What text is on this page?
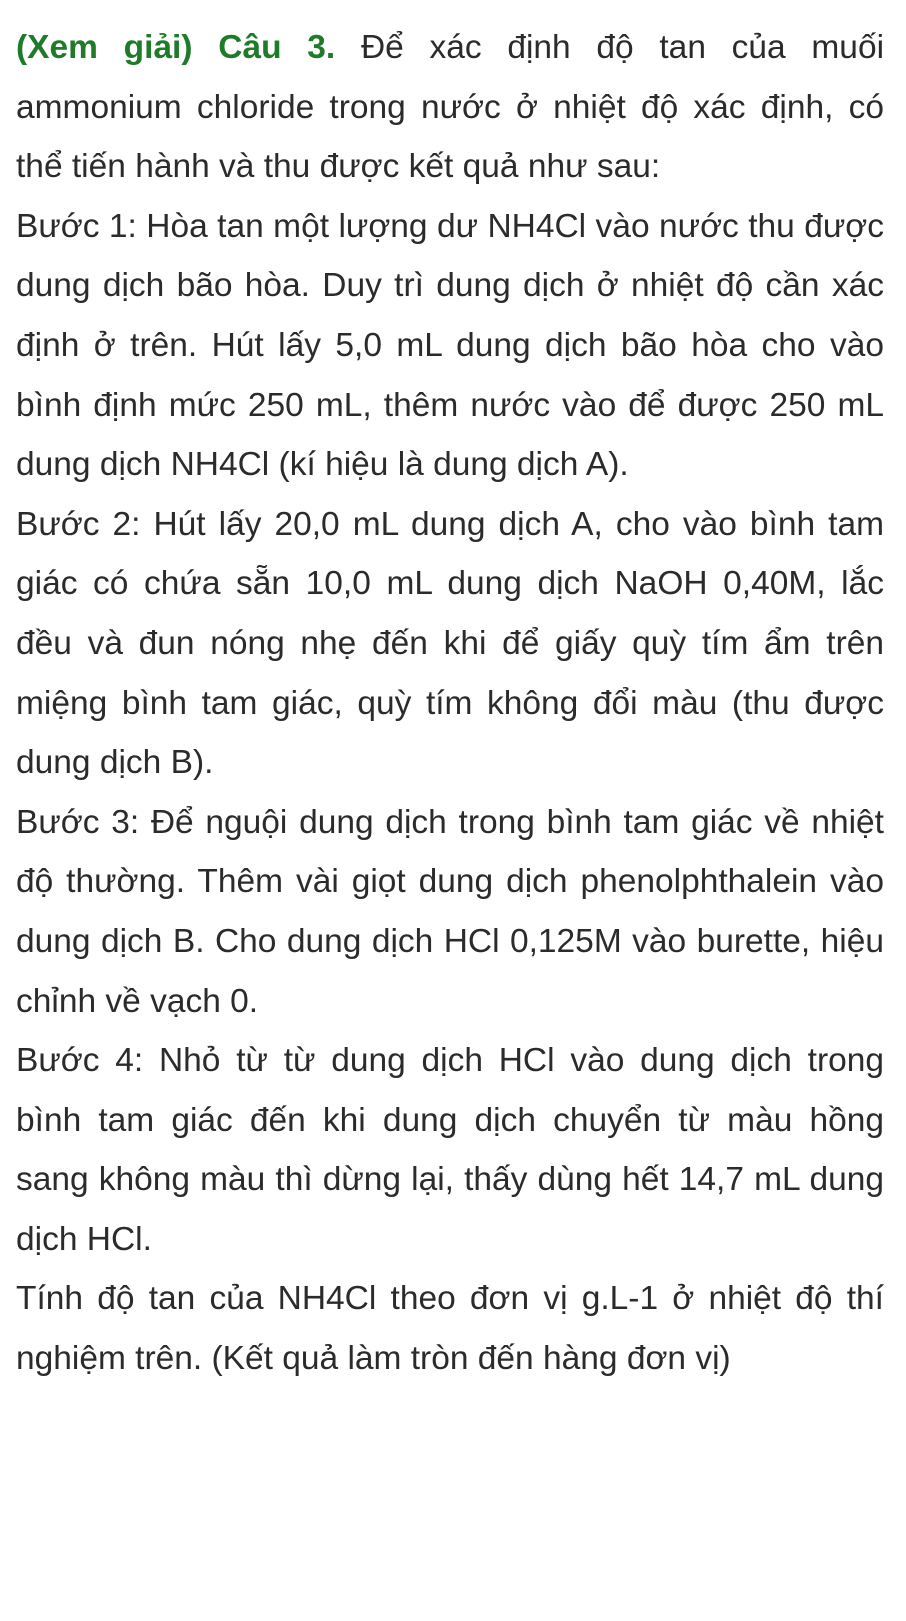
(Xem giải) Câu 3. Để xác định độ tan của muối ammonium chloride trong nước ở nhiệt độ xác định, có thể tiến hành và thu được kết quả như sau:

Bước 1: Hòa tan một lượng dư NH4Cl vào nước thu được dung dịch bão hòa. Duy trì dung dịch ở nhiệt độ cần xác định ở trên. Hút lấy 5,0 mL dung dịch bão hòa cho vào bình định mức 250 mL, thêm nước vào để được 250 mL dung dịch NH4Cl (kí hiệu là dung dịch A).

Bước 2: Hút lấy 20,0 mL dung dịch A, cho vào bình tam giác có chứa sẵn 10,0 mL dung dịch NaOH 0,40M, lắc đều và đun nóng nhẹ đến khi để giấy quỳ tím ẩm trên miệng bình tam giác, quỳ tím không đổi màu (thu được dung dịch B).

Bước 3: Để nguội dung dịch trong bình tam giác về nhiệt độ thường. Thêm vài giọt dung dịch phenolphthalein vào dung dịch B. Cho dung dịch HCl 0,125M vào burette, hiệu chỉnh về vạch 0.

Bước 4: Nhỏ từ từ dung dịch HCl vào dung dịch trong bình tam giác đến khi dung dịch chuyển từ màu hồng sang không màu thì dừng lại, thấy dùng hết 14,7 mL dung dịch HCl.

Tính độ tan của NH4Cl theo đơn vị g.L-1 ở nhiệt độ thí nghiệm trên. (Kết quả làm tròn đến hàng đơn vị)
